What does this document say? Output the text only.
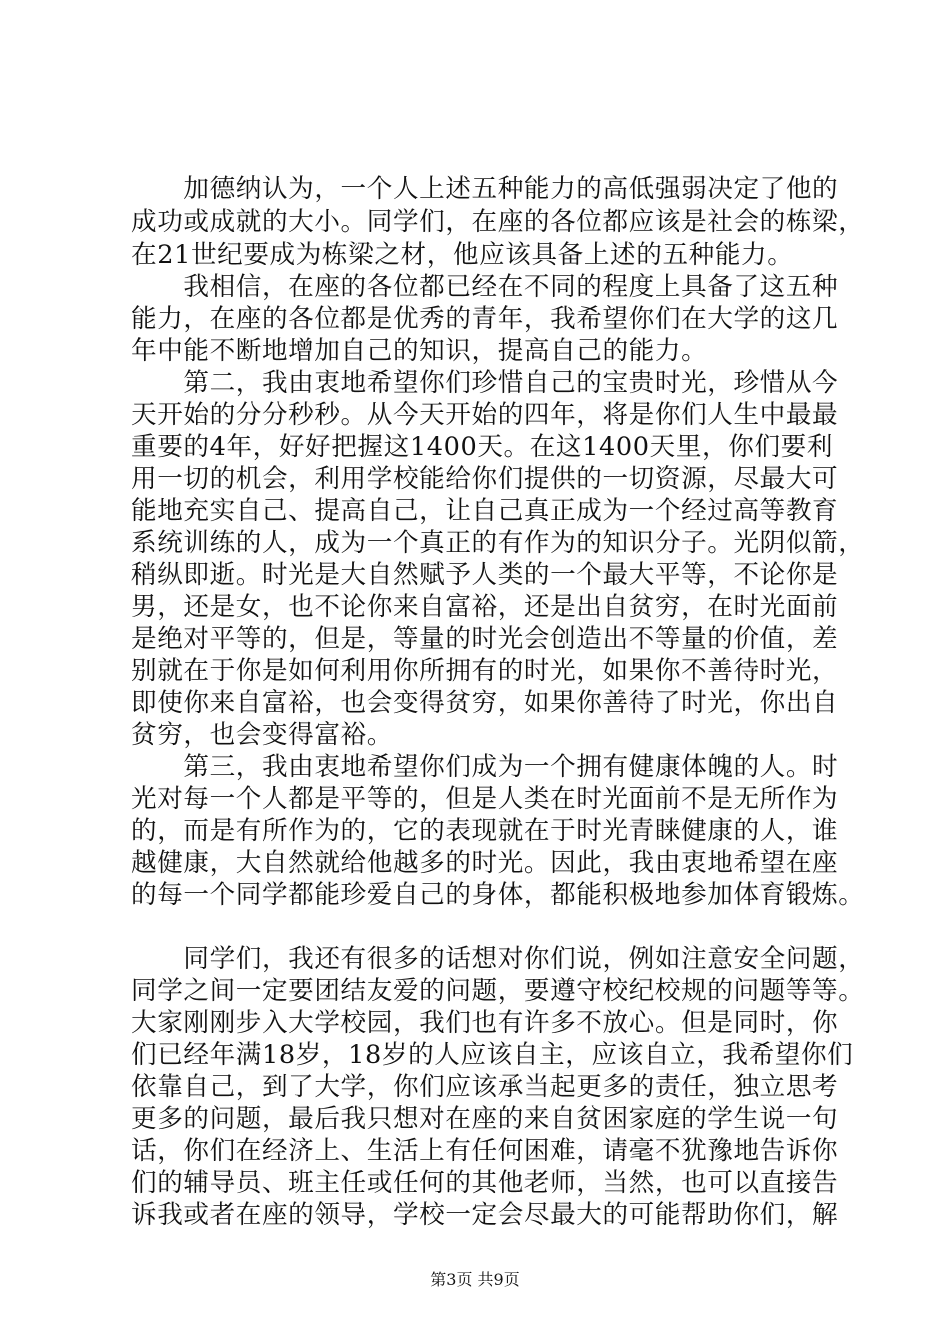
　　加德纳认为，一个人上述五种能力的高低强弱决定了他的
成功或成就的大小。同学们，在座的各位都应该是社会的栋梁，
在21世纪要成为栋梁之材，他应该具备上述的五种能力。
　　我相信，在座的各位都已经在不同的程度上具备了这五种
能力，在座的各位都是优秀的青年，我希望你们在大学的这几
年中能不断地增加自己的知识，提高自己的能力。
　　第二，我由衷地希望你们珍惜自己的宝贵时光，珍惜从今
天开始的分分秒秒。从今天开始的四年，将是你们人生中最最
重要的4年，好好把握这1400天。在这1400天里，你们要利
用一切的机会，利用学校能给你们提供的一切资源，尽最大可
能地充实自己、提高自己，让自己真正成为一个经过高等教育
系统训练的人，成为一个真正的有作为的知识分子。光阴似箭，
稍纵即逝。时光是大自然赋予人类的一个最大平等，不论你是
男，还是女，也不论你来自富裕，还是出自贫穷，在时光面前
是绝对平等的，但是，等量的时光会创造出不等量的价值，差
别就在于你是如何利用你所拥有的时光，如果你不善待时光，
即使你来自富裕，也会变得贫穷，如果你善待了时光，你出自
贫穷，也会变得富裕。
　　第三，我由衷地希望你们成为一个拥有健康体魄的人。时
光对每一个人都是平等的，但是人类在时光面前不是无所作为
的，而是有所作为的，它的表现就在于时光青睐健康的人，谁
越健康，大自然就给他越多的时光。因此，我由衷地希望在座
的每一个同学都能珍爱自己的身体，都能积极地参加体育锻炼。
　　同学们，我还有很多的话想对你们说，例如注意安全问题，
同学之间一定要团结友爱的问题，要遵守校纪校规的问题等等。
大家刚刚步入大学校园，我们也有许多不放心。但是同时，你
们已经年满18岁，18岁的人应该自主，应该自立，我希望你们
依靠自己，到了大学，你们应该承当起更多的责任，独立思考
更多的问题，最后我只想对在座的来自贫困家庭的学生说一句
话，你们在经济上、生活上有任何困难，请毫不犹豫地告诉你
们的辅导员、班主任或任何的其他老师，当然，也可以直接告
诉我或者在座的领导，学校一定会尽最大的可能帮助你们，解
第3页 共9页
